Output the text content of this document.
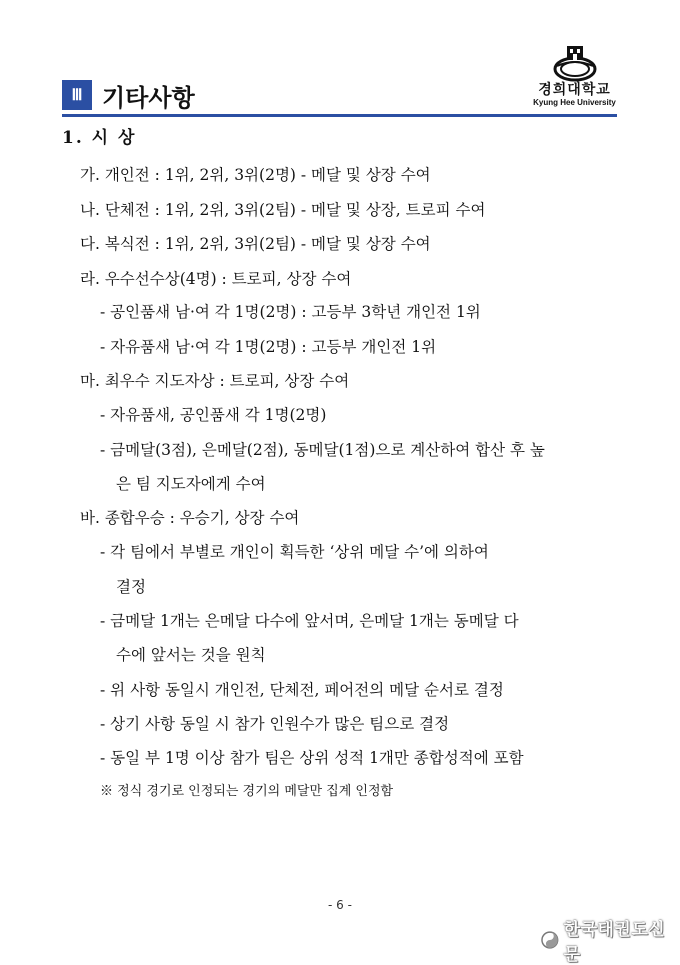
Ⅲ 기타사항	경희대학교
Kyung Hee University
1. 시 상
가. 개인전 : 1위, 2위, 3위(2명) - 메달 및 상장 수여
나. 단체전 : 1위, 2위, 3위(2팀) - 메달 및 상장, 트로피 수여
다. 복식전 : 1위, 2위, 3위(2팀) - 메달 및 상장 수여
라. 우수선수상(4명) : 트로피, 상장 수여
- 공인품새 남·여 각 1명(2명) : 고등부 3학년 개인전 1위
- 자유품새 남·여 각 1명(2명) : 고등부 개인전 1위
마. 최우수 지도자상 : 트로피, 상장 수여
- 자유품새, 공인품새 각 1명(2명)
- 금메달(3점), 은메달(2점), 동메달(1점)으로 계산하여 합산 후 높
은 팀 지도자에게 수여
바. 종합우승 : 우승기, 상장 수여
- 각 팀에서 부별로 개인이 획득한 ‘상위 메달 수’에 의하여
결정
- 금메달 1개는 은메달 다수에 앞서며, 은메달 1개는 동메달 다
수에 앞서는 것을 원칙
- 위 사항 동일시 개인전, 단체전, 페어전의 메달 순서로 결정
- 상기 사항 동일 시 참가 인원수가 많은 팀으로 결정
- 동일 부 1명 이상 참가 팀은 상위 성적 1개만 종합성적에 포함
※ 정식 경기로 인정되는 경기의 메달만 집계 인정함
- 6 -
한국태권도신문
